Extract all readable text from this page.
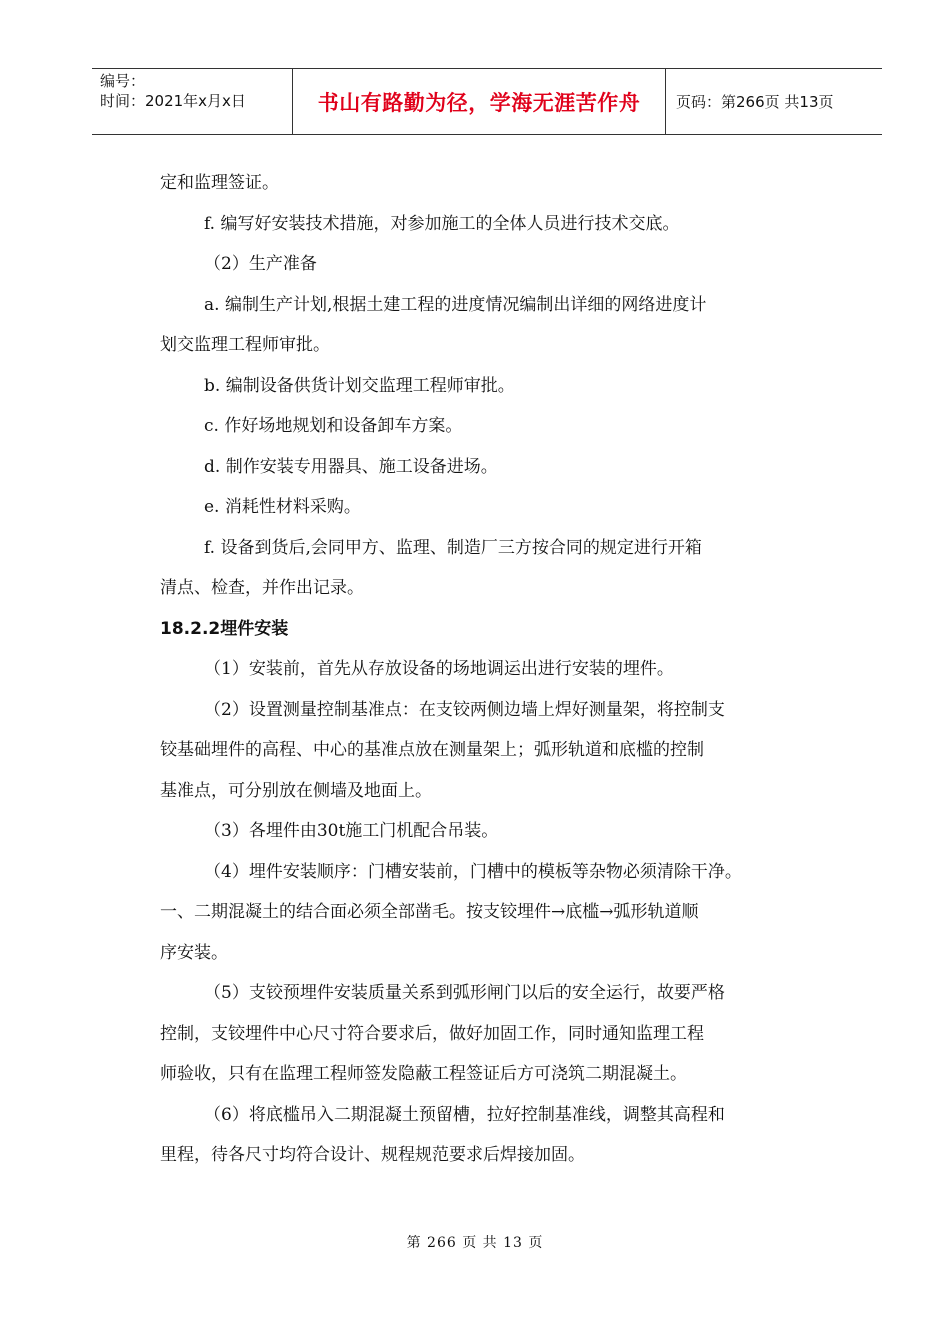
编号：
时间：2021年x月x日	书山有路勤为径，学海无涯苦作舟	页码：第266页 共13页

定和监理签证。

f. 编写好安装技术措施，对参加施工的全体人员进行技术交底。

（2）生产准备

a. 编制生产计划,根据土建工程的进度情况编制出详细的网络进度计

划交监理工程师审批。

b. 编制设备供货计划交监理工程师审批。

c. 作好场地规划和设备卸车方案。

d. 制作安装专用器具、施工设备进场。

e. 消耗性材料采购。

f. 设备到货后,会同甲方、监理、制造厂三方按合同的规定进行开箱

清点、检查，并作出记录。

18.2.2埋件安装

（1）安装前，首先从存放设备的场地调运出进行安装的埋件。

（2）设置测量控制基准点：在支铰两侧边墙上焊好测量架，将控制支

铰基础埋件的高程、中心的基准点放在测量架上；弧形轨道和底槛的控制

基准点，可分别放在侧墙及地面上。

（3）各埋件由30t施工门机配合吊装。

（4）埋件安装顺序：门槽安装前，门槽中的模板等杂物必须清除干净。

一、二期混凝土的结合面必须全部凿毛。按支铰埋件→底槛→弧形轨道顺

序安装。

（5）支铰预埋件安装质量关系到弧形闸门以后的安全运行，故要严格

控制，支铰埋件中心尺寸符合要求后，做好加固工作，同时通知监理工程

师验收，只有在监理工程师签发隐蔽工程签证后方可浇筑二期混凝土。

（6）将底槛吊入二期混凝土预留槽，拉好控制基准线，调整其高程和

里程，待各尺寸均符合设计、规程规范要求后焊接加固。

第 266 页 共 13 页
